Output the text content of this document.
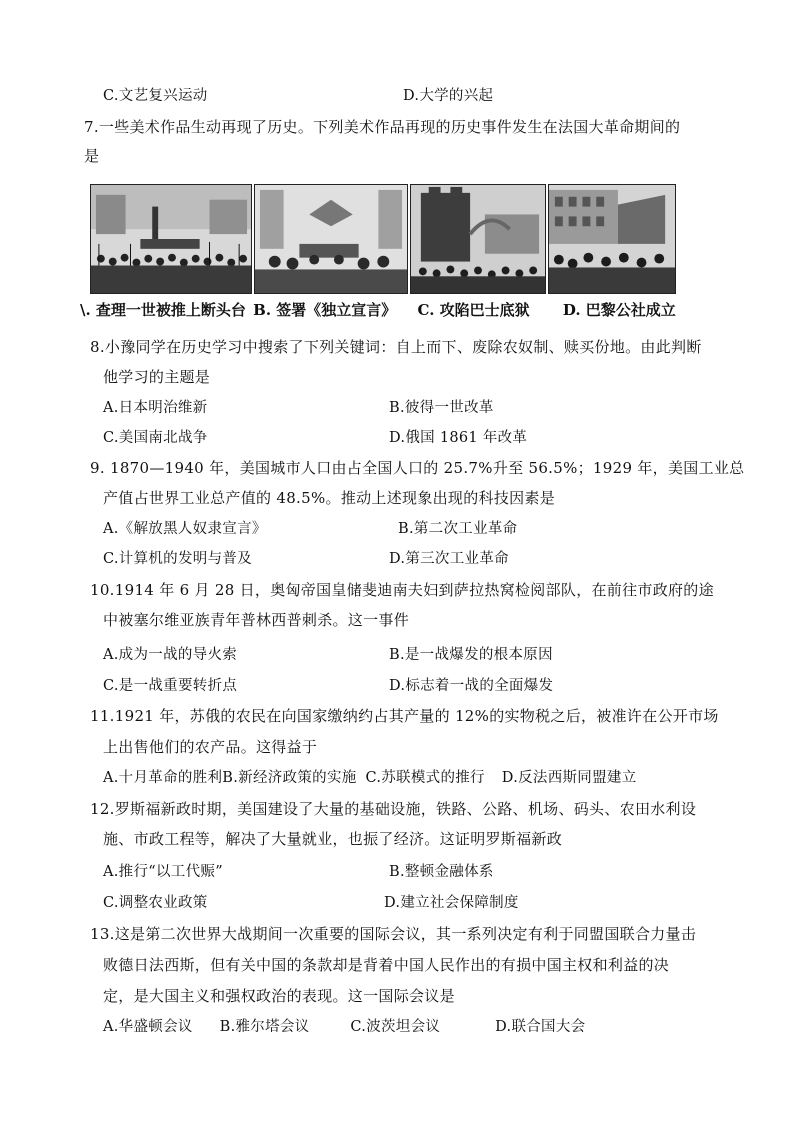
C.文艺复兴运动	D.大学的兴起
7.一些美术作品生动再现了历史。下列美术作品再现的历史事件发生在法国大革命期间的
是
\. 查理一世被推上断头台 B. 签署《独立宣言》 C. 攻陷巴士底狱 D. 巴黎公社成立
8.小豫同学在历史学习中搜索了下列关键词：自上而下、废除农奴制、赎买份地。由此判断
他学习的主题是
A.日本明治维新	B.彼得一世改革
C.美国南北战争	D.俄国 1861 年改革
9. 1870—1940 年，美国城市人口由占全国人口的 25.7%升至 56.5%；1929 年，美国工业总
产值占世界工业总产值的 48.5%。推动上述现象出现的科技因素是
A.《解放黑人奴隶宣言》	B.第二次工业革命
C.计算机的发明与普及	D.第三次工业革命
10.1914 年 6 月 28 日，奥匈帝国皇储斐迪南夫妇到萨拉热窝检阅部队，在前往市政府的途
中被塞尔维亚族青年普林西普刺杀。这一事件
A.成为一战的导火索	B.是一战爆发的根本原因
C.是一战重要转折点	D.标志着一战的全面爆发
11.1921 年，苏俄的农民在向国家缴纳约占其产量的 12%的实物税之后，被准许在公开市场
上出售他们的农产品。这得益于
A.十月革命的胜利B.新经济政策的实施 C.苏联模式的推行 D.反法西斯同盟建立
12.罗斯福新政时期，美国建设了大量的基础设施，铁路、公路、机场、码头、农田水利设
施、市政工程等，解决了大量就业，也振了经济。这证明罗斯福新政
A.推行“以工代赈”	B.整顿金融体系
C.调整农业政策	D.建立社会保障制度
13.这是第二次世界大战期间一次重要的国际会议，其一系列决定有利于同盟国联合力量击
败德日法西斯，但有关中国的条款却是背着中国人民作出的有损中国主权和利益的决
定，是大国主义和强权政治的表现。这一国际会议是
A.华盛顿会议 B.雅尔塔会议	C.波茨坦会议	D.联合国大会
